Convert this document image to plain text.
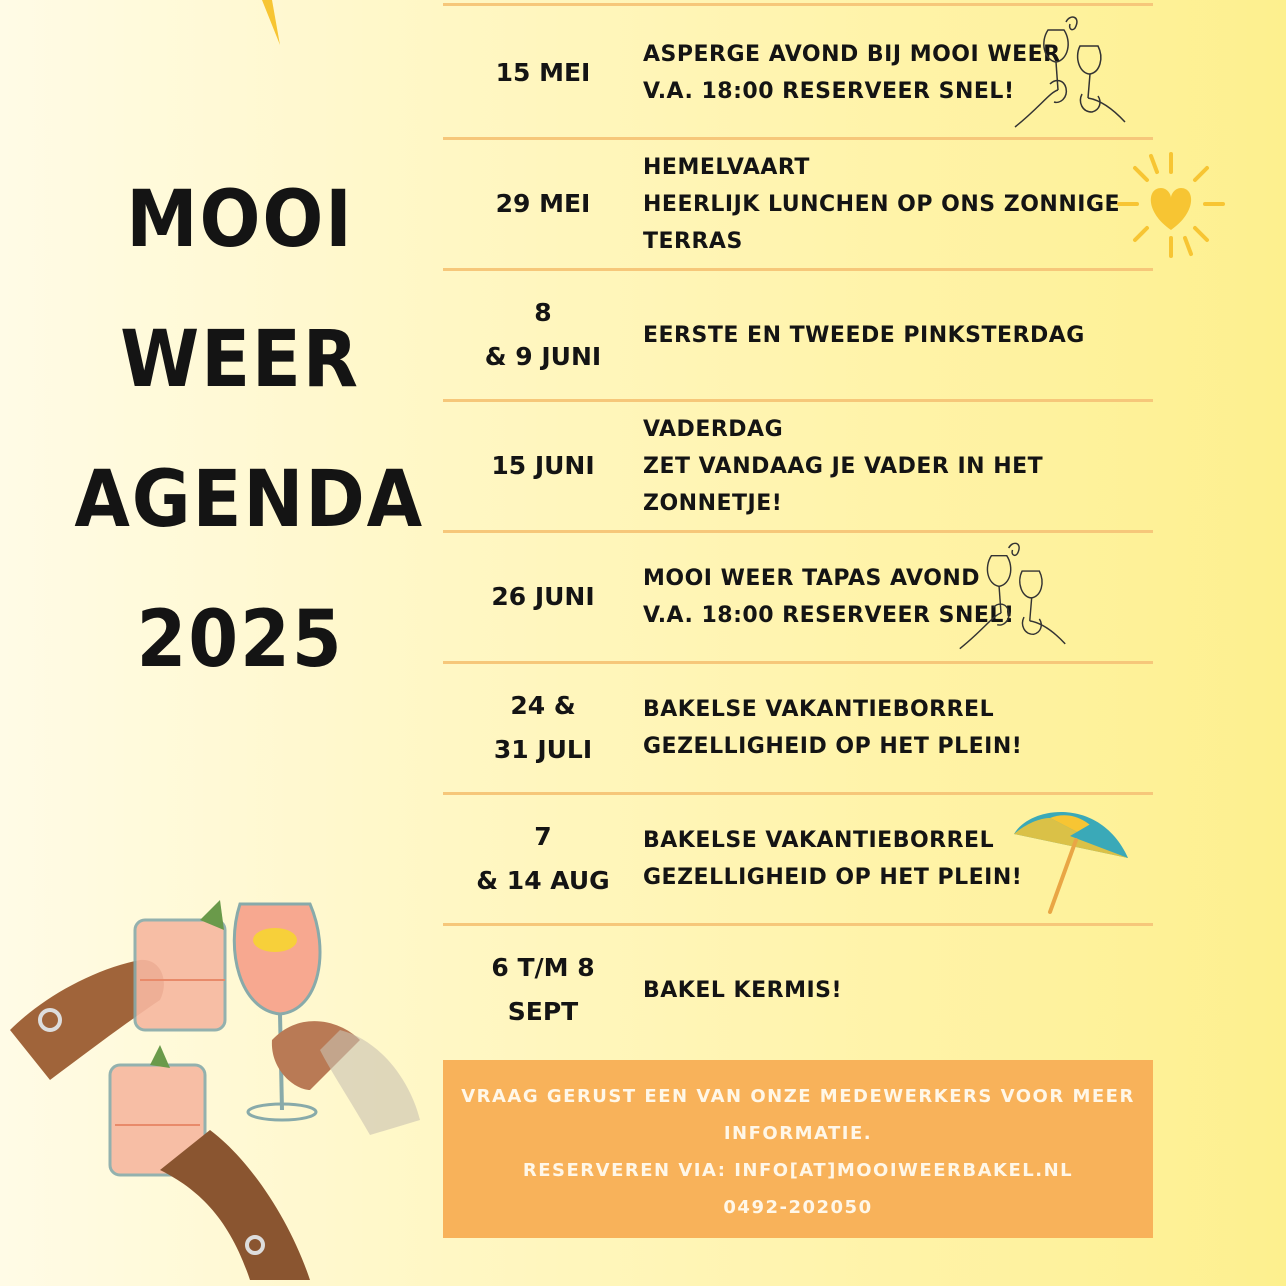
MOOI
WEER
AGENDA
2025
15 MEI
ASPERGE AVOND BIJ MOOI WEER
V.A. 18:00 RESERVEER SNEL!
29 MEI
HEMELVAART
HEERLIJK LUNCHEN OP ONS ZONNIGE TERRAS
8
& 9 JUNI
EERSTE EN TWEEDE PINKSTERDAG
15 JUNI
VADERDAG
ZET VANDAAG JE VADER IN HET ZONNETJE!
26 JUNI
MOOI WEER TAPAS AVOND
V.A. 18:00 RESERVEER SNEL!
24 &
31 JULI
BAKELSE VAKANTIEBORREL
GEZELLIGHEID OP HET PLEIN!
7
& 14 AUG
BAKELSE VAKANTIEBORREL
GEZELLIGHEID OP HET PLEIN!
6 T/M 8
SEPT
BAKEL KERMIS!
VRAAG GERUST EEN VAN ONZE MEDEWERKERS VOOR MEER
INFORMATIE.
RESERVEREN VIA: INFO[AT]MOOIWEERBAKEL.NL
0492-202050
